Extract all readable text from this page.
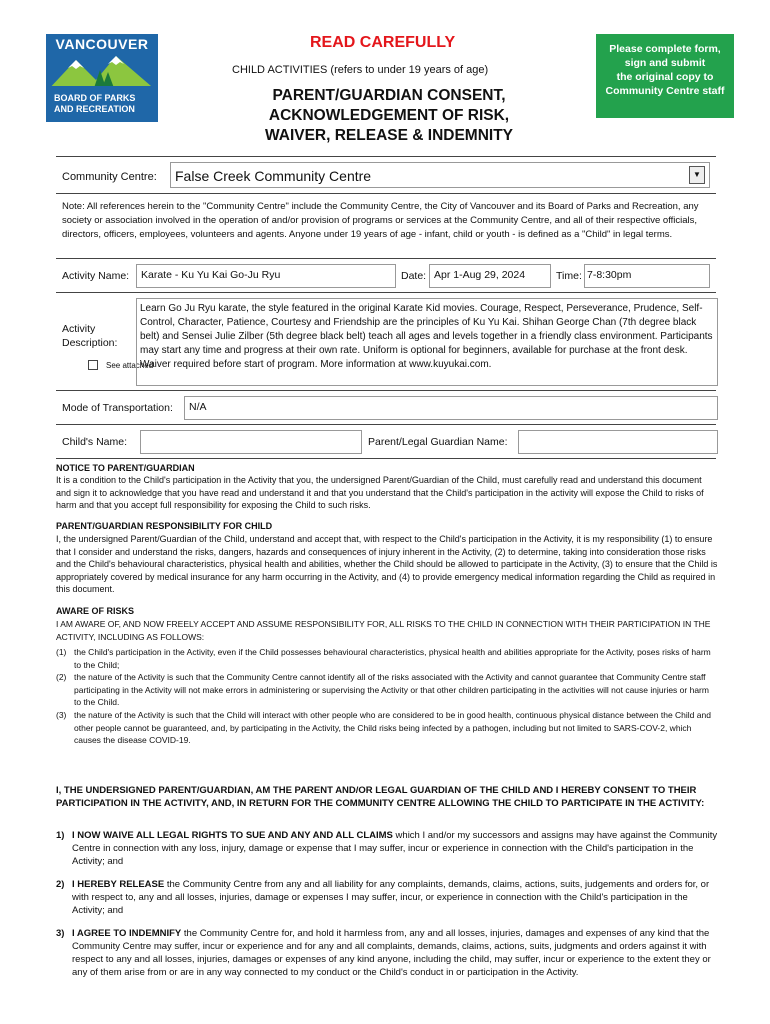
VANCOUVER
BOARD OF PARKS
AND RECREATION
READ CAREFULLY
CHILD ACTIVITIES (refers to under 19 years of age)
PARENT/GUARDIAN CONSENT,
ACKNOWLEDGEMENT OF RISK,
WAIVER, RELEASE & INDEMNITY
Please complete form,
sign and submit
the original copy to
Community Centre staff
Community Centre: False Creek Community Centre	▼
Note: All references herein to the "Community Centre" include the Community Centre, the City of Vancouver and its Board of Parks and Recreation, any society or association involved in the operation of and/or provision of programs or services at the Community Centre, and all of their respective officials, directors, officers, employees, volunteers and agents. Anyone under 19 years of age - infant, child or youth - is defined as a "Child" in legal terms.
Activity Name: Karate - Ku Yu Kai Go-Ju Ryu	Date: Apr 1-Aug 29, 2024	Time: 7-8:30pm
Activity
Description:
See attached
Learn Go Ju Ryu karate, the style featured in the original Karate Kid movies. Courage, Respect, Perseverance, Prudence, Self-Control, Character, Patience, Courtesy and Friendship are the principles of Ku Yu Kai. Shihan George Chan (7th degree black belt) and Sensei Julie Zilber (5th degree black belt) teach all ages and levels together in a friendly class environment. Participants may start any time and progress at their own rate. Uniform is optional for beginners, available for purchase at the front desk. Waiver required before start of program. More information at www.kuyukai.com.
Mode of Transportation: N/A
Child's Name:	Parent/Legal Guardian Name:
NOTICE TO PARENT/GUARDIAN
It is a condition to the Child's participation in the Activity that you, the undersigned Parent/Guardian of the Child, must carefully read and understand this document and sign it to acknowledge that you have read and understand it and that you understand that the Child's participation in the activity will expose the Child to risks of harm and that you accept full responsibility for exposing the Child to such risks.
PARENT/GUARDIAN RESPONSIBILITY FOR CHILD
I, the undersigned Parent/Guardian of the Child, understand and accept that, with respect to the Child's participation in the Activity, it is my responsibility (1) to ensure that I consider and understand the risks, dangers, hazards and consequences of injury inherent in the Activity, (2) to determine, taking into consideration those risks and the Child's behavioural characteristics, physical health and abilities, whether the Child should be allowed to participate in the Activity, (3) to ensure that the Child is appropriately covered by medical insurance for any harm occurring in the Activity, and (4) to provide emergency medical information regarding the Child as required in this document.
AWARE OF RISKS
I AM AWARE OF, AND NOW FREELY ACCEPT AND ASSUME RESPONSIBILITY FOR, ALL RISKS TO THE CHILD IN CONNECTION WITH THEIR PARTICIPATION IN THE ACTIVITY, INCLUDING AS FOLLOWS:
(1) the Child's participation in the Activity, even if the Child possesses behavioural characteristics, physical health and abilities appropriate for the Activity, poses risks of harm to the Child;
(2) the nature of the Activity is such that the Community Centre cannot identify all of the risks associated with the Activity and cannot guarantee that Community Centre staff participating in the Activity will not make errors in administering or supervising the Activity or that other children participating in the activities will not cause injuries or harm to the Child.
(3) the nature of the Activity is such that the Child will interact with other people who are considered to be in good health, continuous physical distance between the Child and other people cannot be guaranteed, and, by participating in the Activity, the Child risks being infected by a pathogen, including but not limited to SARS-COV-2, which causes the disease COVID-19.
I, THE UNDERSIGNED PARENT/GUARDIAN, AM THE PARENT AND/OR LEGAL GUARDIAN OF THE CHILD AND I HEREBY CONSENT TO THEIR PARTICIPATION IN THE ACTIVITY, AND, IN RETURN FOR THE COMMUNITY CENTRE ALLOWING THE CHILD TO PARTICIPATE IN THE ACTIVITY:
1) I NOW WAIVE ALL LEGAL RIGHTS TO SUE AND ANY AND ALL CLAIMS which I and/or my successors and assigns may have against the Community Centre in connection with any loss, injury, damage or expense that I may suffer, incur or experience in connection with the Child's participation in the Activity; and
2) I HEREBY RELEASE the Community Centre from any and all liability for any complaints, demands, claims, actions, suits, judgements and orders for, or with respect to, any and all losses, injuries, damage or expenses I may suffer, incur, or experience in connection with the Child's participation in the Activity; and
3) I AGREE TO INDEMNIFY the Community Centre for, and hold it harmless from, any and all losses, injuries, damages and expenses of any kind that the Community Centre may suffer, incur or experience and for any and all complaints, demands, claims, actions, suits, judgments and orders against it with respect to any and all losses, injuries, damages or expenses of any kind anyone, including the child, may suffer, incur or experience to the extent they or any of them arise from or are in any way connected to my conduct or the Child's conduct in or participation in the Activity.
